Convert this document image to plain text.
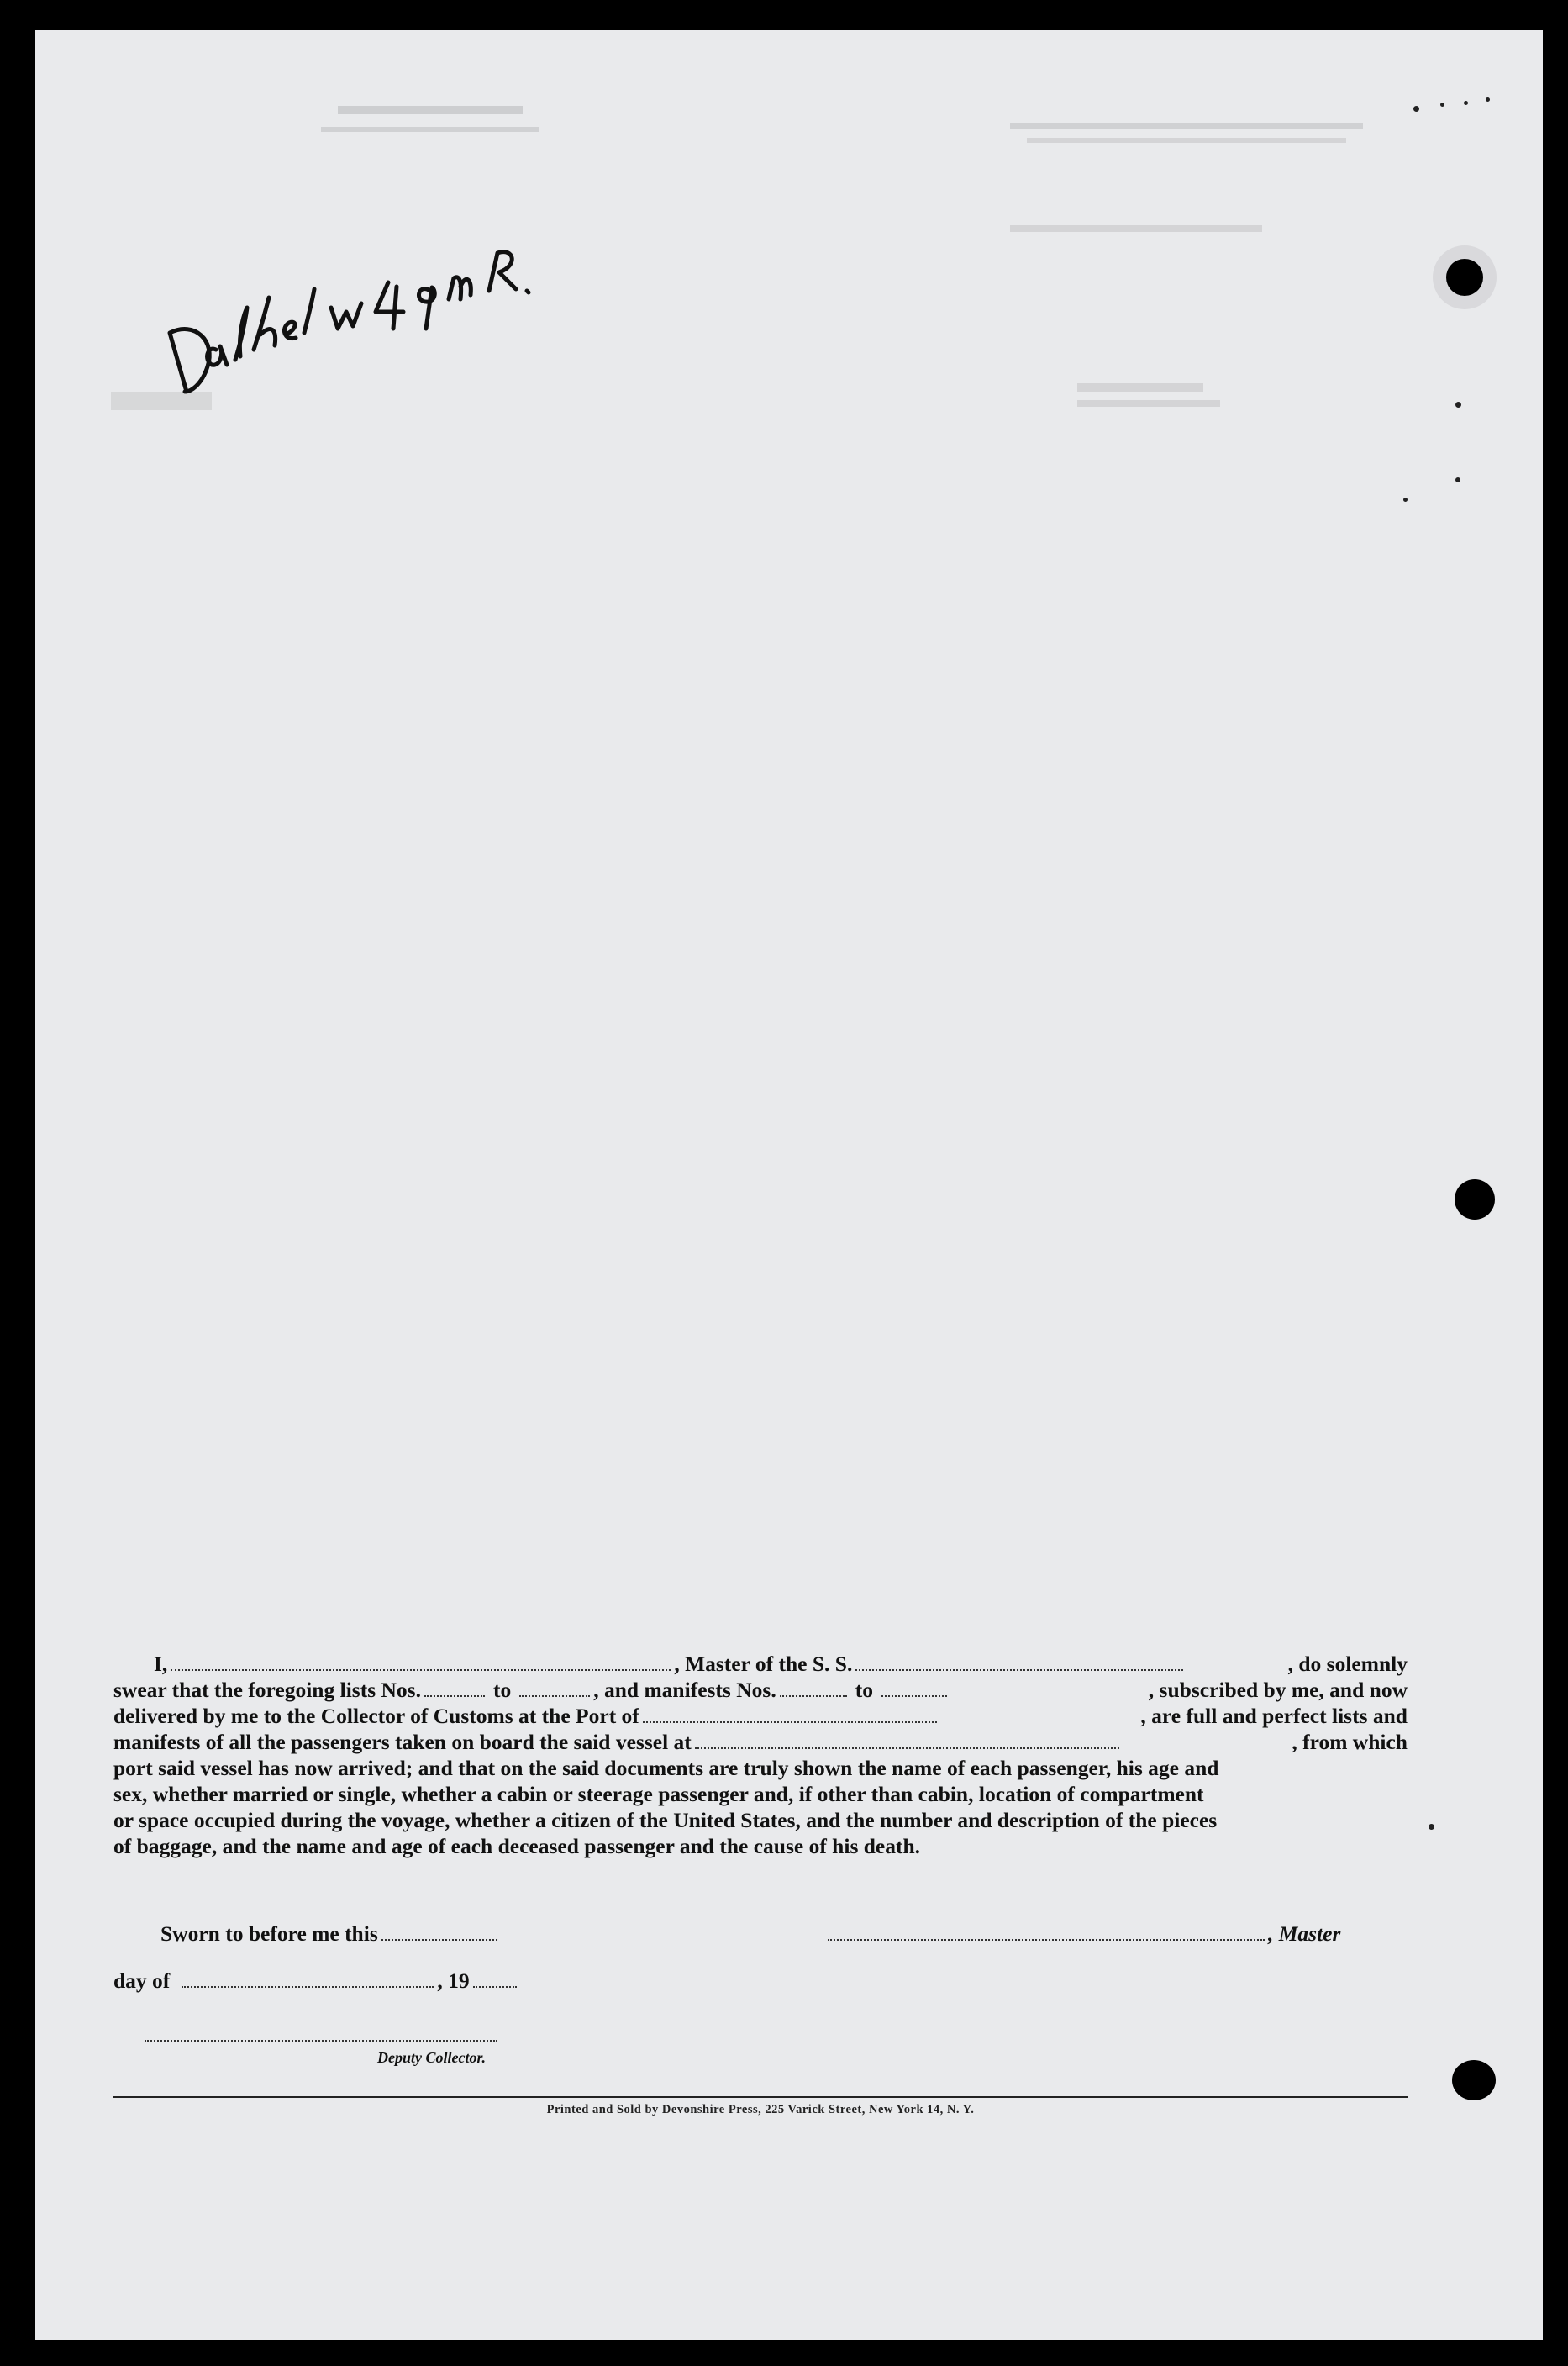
I,	, Master of the S. S.	, do solemnly
swear that the foregoing lists Nos.	to	, and manifests Nos.	to	, subscribed by me, and now
delivered by me to the Collector of Customs at the Port of	, are full and perfect lists and
manifests of all the passengers taken on board the said vessel at	, from which
port said vessel has now arrived; and that on the said documents are truly shown the name of each passenger, his age and
sex, whether married or single, whether a cabin or steerage passenger and, if other than cabin, location of compartment
or space occupied during the voyage, whether a citizen of the United States, and the number and description of the pieces
of baggage, and the name and age of each deceased passenger and the cause of his death.
Sworn to before me this	, Master
day of	, 19
Deputy Collector.
Printed and Sold by Devonshire Press, 225 Varick Street, New York 14, N. Y.
